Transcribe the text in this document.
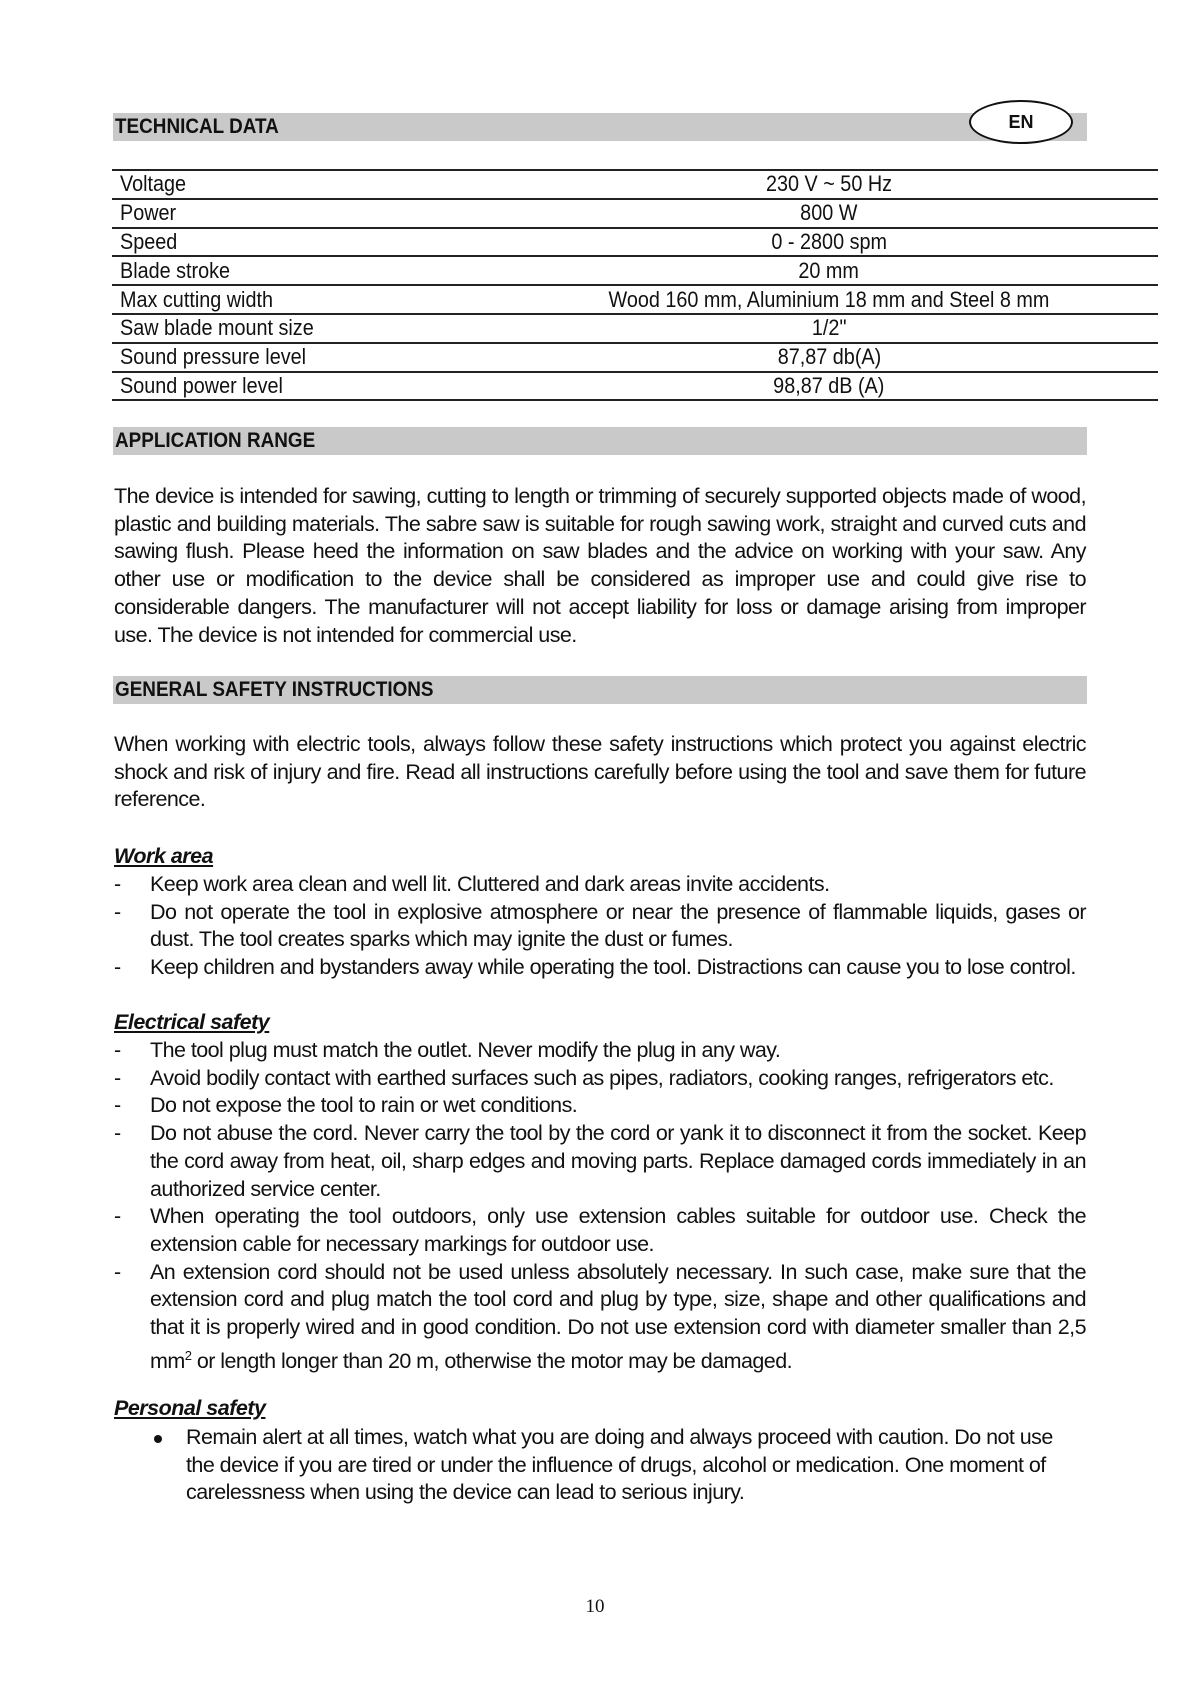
TECHNICAL DATA	EN
Voltage	230 V ~ 50 Hz
Power	800 W
Speed	0 - 2800 spm
Blade stroke	20 mm
Max cutting width	Wood 160 mm, Aluminium 18 mm and Steel 8 mm
Saw blade mount size	1/2"
Sound pressure level	87,87 db(A)
Sound power level	98,87 dB (A)
APPLICATION RANGE

The device is intended for sawing, cutting to length or trimming of securely supported objects made of wood, plastic and building materials. The sabre saw is suitable for rough sawing work, straight and curved cuts and sawing flush. Please heed the information on saw blades and the advice on working with your saw. Any other use or modification to the device shall be considered as improper use and could give rise to considerable dangers. The manufacturer will not accept liability for loss or damage arising from improper use. The device is not intended for commercial use.

GENERAL SAFETY INSTRUCTIONS

When working with electric tools, always follow these safety instructions which protect you against electric shock and risk of injury and fire. Read all instructions carefully before using the tool and save them for future reference.

Work area

- Keep work area clean and well lit. Cluttered and dark areas invite accidents.
- Do not operate the tool in explosive atmosphere or near the presence of flammable liquids, gases or dust. The tool creates sparks which may ignite the dust or fumes.
- Keep children and bystanders away while operating the tool. Distractions can cause you to lose control.

Electrical safety

- The tool plug must match the outlet. Never modify the plug in any way.
- Avoid bodily contact with earthed surfaces such as pipes, radiators, cooking ranges, refrigerators etc.
- Do not expose the tool to rain or wet conditions.
- Do not abuse the cord. Never carry the tool by the cord or yank it to disconnect it from the socket. Keep the cord away from heat, oil, sharp edges and moving parts. Replace damaged cords immediately in an authorized service center.
- When operating the tool outdoors, only use extension cables suitable for outdoor use. Check the extension cable for necessary markings for outdoor use.
- An extension cord should not be used unless absolutely necessary. In such case, make sure that the extension cord and plug match the tool cord and plug by type, size, shape and other qualifications and that it is properly wired and in good condition. Do not use extension cord with diameter smaller than 2,5 $mm^2$ or length longer than 20 m, otherwise the motor may be damaged.

Personal safety

Remain alert at all times, watch what you are doing and always proceed with caution. Do not use the device if you are tired or under the influence of drugs, alcohol or medication. One moment of carelessness when using the device can lead to serious injury.
10
